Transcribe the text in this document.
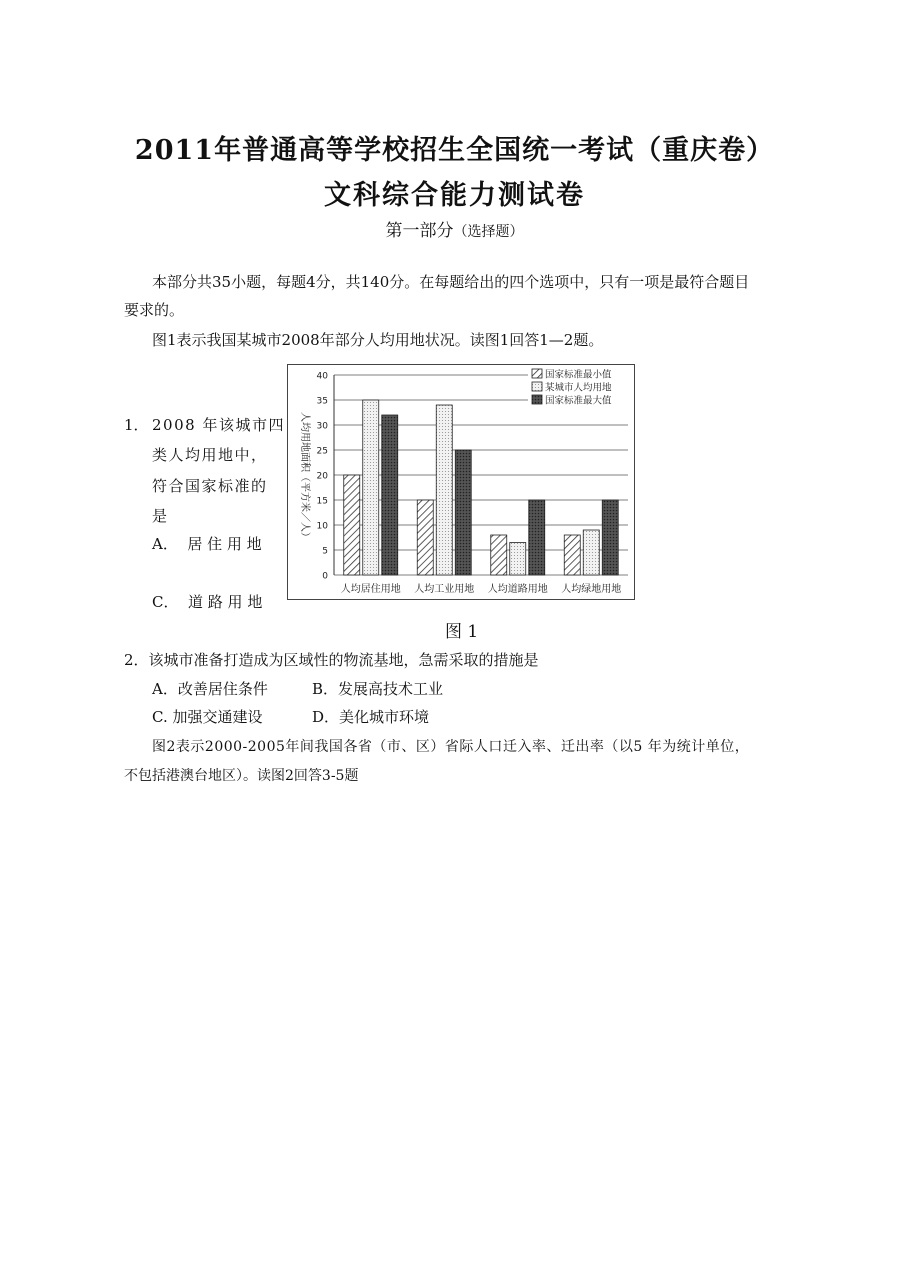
2011年普通高等学校招生全国统一考试（重庆卷）
文科综合能力测试卷
第一部分（选择题）
本部分共35小题，每题4分，共140分。在每题给出的四个选项中，只有一项是最符合题目
要求的。
图1表示我国某城市2008年部分人均用地状况。读图1回答1—2题。
1． 2008 年该城市四
类人均用地中，
符合国家标准的
是
A．  居 住 用 地
C．  道 路 用 地
0
5
10
15
20
25
30
35
40
人均居住用地 人均工业用地 人均道路用地 人均绿地用地
人均用地面积（平方米／人）
国家标准最小值
某城市人均用地
国家标准最大值
图 1
2．该城市准备打造成为区域性的物流基地，急需采取的措施是
A．改善居住条件	B．发展高技术工业
C. 加强交通建设	D．美化城市环境
图2表示2000-2005年间我国各省（市、区）省际人口迁入率、迁出率（以5 年为统计单位，
不包括港澳台地区）。读图2回答3-5题
